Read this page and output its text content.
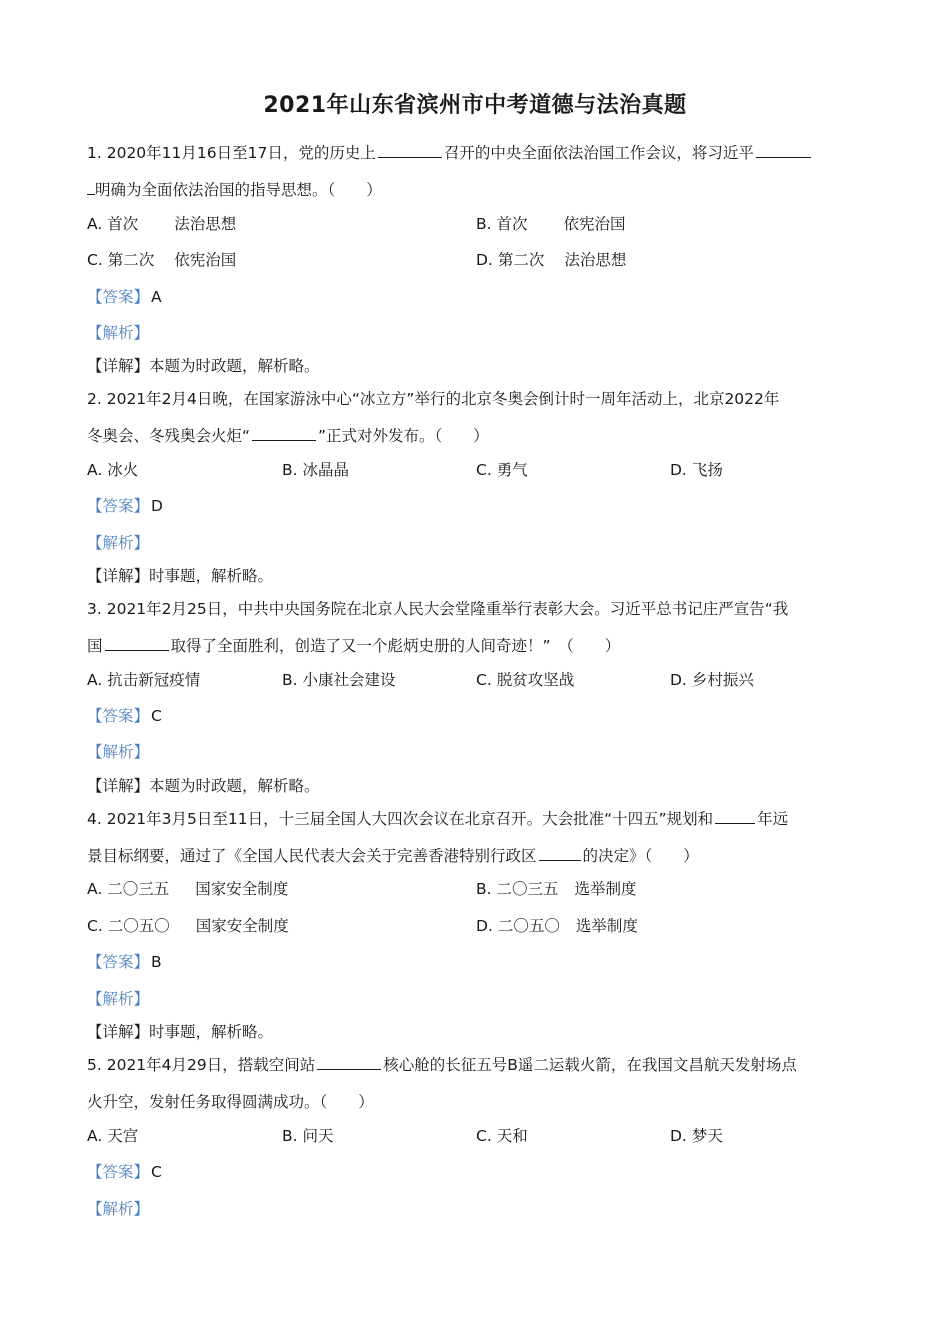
2021年山东省滨州市中考道德与法治真题
1. 2020年11月16日至17日，党的历史上	召开的中央全面依法治国工作会议，将习近平
明确为全面依法治国的指导思想。（　　）
A. 首次 法治思想	B. 首次 依宪治国
C. 第二次 依宪治国	D. 第二次 法治思想
【答案】 A
【解析】
【详解】本题为时政题，解析略。
2. 2021年2月4日晚，在国家游泳中心“冰立方”举行的北京冬奥会倒计时一周年活动上，北京2022年
冬奥会、冬残奥会火炬“	”正式对外发布。（　　）
A. 冰火	B. 冰晶晶	C. 勇气	D. 飞扬
【答案】 D
【解析】
【详解】时事题，解析略。
3. 2021年2月25日，中共中央国务院在北京人民大会堂隆重举行表彰大会。习近平总书记庄严宣告“我
国	取得了全面胜利，创造了又一个彪炳史册的人间奇迹！”　（　　）
A. 抗击新冠疫情	B. 小康社会建设	C. 脱贫攻坚战	D. 乡村振兴
【答案】 C
【解析】
【详解】本题为时政题，解析略。
4. 2021年3月5日至11日，十三届全国人大四次会议在北京召开。大会批准“十四五”规划和	年远
景目标纲要，通过了《全国人民代表大会关于完善香港特别行政区	的决定》（　　）
A. 二〇三五 国家安全制度	B. 二〇三五 选举制度
C. 二〇五〇 国家安全制度	D. 二〇五〇 选举制度
【答案】 B
【解析】
【详解】时事题，解析略。
5. 2021年4月29日，搭载空间站	核心舱的长征五号B遥二运载火箭，在我国文昌航天发射场点
火升空，发射任务取得圆满成功。（　　）
A. 天宫	B. 问天	C. 天和	D. 梦天
【答案】 C
【解析】
